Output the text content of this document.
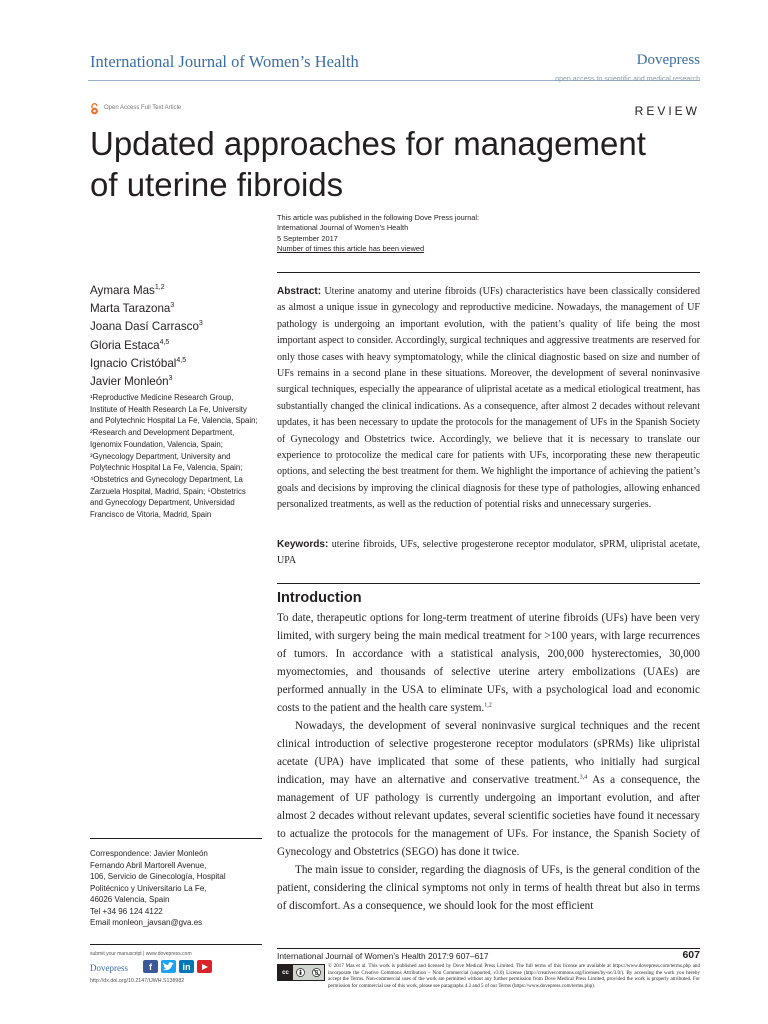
International Journal of Women’s Health	Dovepress
open access to scientific and medical research
Open Access Full Text Article	REVIEW
Updated approaches for management of uterine fibroids
This article was published in the following Dove Press journal:
International Journal of Women’s Health
5 September 2017
Number of times this article has been viewed
Aymara Mas$^{1,2}$
Marta Tarazona$^3$
Joana Dasí Carrasco$^3$
Gloria Estaca$^{4,5}$
Ignacio Cristóbal$^{4,5}$
Javier Monleón$^3$
¹Reproductive Medicine Research Group, Institute of Health Research La Fe, University and Polytechnic Hospital La Fe, Valencia, Spain; ²Research and Development Department, Igenomix Foundation, Valencia, Spain; ³Gynecology Department, University and Polytechnic Hospital La Fe, Valencia, Spain; ⁴Obstetrics and Gynecology Department, La Zarzuela Hospital, Madrid, Spain; ⁵Obstetrics and Gynecology Department, Universidad Francisco de Vitoria, Madrid, Spain
Abstract: Uterine anatomy and uterine fibroids (UFs) characteristics have been classically considered as almost a unique issue in gynecology and reproductive medicine. Nowadays, the management of UF pathology is undergoing an important evolution, with the patient’s quality of life being the most important aspect to consider. Accordingly, surgical techniques and aggressive treatments are reserved for only those cases with heavy symptomatology, while the clinical diagnostic based on size and number of UFs remains in a second plane in these situations. Moreover, the development of several noninvasive surgical techniques, especially the appearance of ulipristal acetate as a medical etiological treatment, has substantially changed the clinical indications. As a consequence, after almost 2 decades without relevant updates, it has been necessary to update the protocols for the management of UFs in the Spanish Society of Gynecology and Obstetrics twice. Accordingly, we believe that it is necessary to translate our experience to protocolize the medical care for patients with UFs, incorporating these new therapeutic options, and selecting the best treatment for them. We highlight the importance of achieving the patient’s goals and decisions by improving the clinical diagnosis for these type of pathologies, allowing enhanced personalized treatments, as well as the reduction of potential risks and unnecessary surgeries.
Keywords: uterine fibroids, UFs, selective progesterone receptor modulator, sPRM, ulipristal acetate, UPA
Introduction

To date, therapeutic options for long-term treatment of uterine fibroids (UFs) have been very limited, with surgery being the main medical treatment for >100 years, with large recurrences of tumors. In accordance with a statistical analysis, 200,000 hysterectomies, 30,000 myomectomies, and thousands of selective uterine artery embolizations (UAEs) are performed annually in the USA to eliminate UFs, with a psychological load and economic costs to the patient and the health care system.$^{1,2}$

Nowadays, the development of several noninvasive surgical techniques and the recent clinical introduction of selective progesterone receptor modulators (sPRMs) like ulipristal acetate (UPA) have implicated that some of these patients, who initially had surgical indication, may have an alternative and conservative treatment.$^{3,4}$ As a consequence, the management of UF pathology is currently undergoing an important evolution, and after almost 2 decades without relevant updates, several scientific societies have found it necessary to actualize the protocols for the management of UFs. For instance, the Spanish Society of Gynecology and Obstetrics (SEGO) has done it twice.

The main issue to consider, regarding the diagnosis of UFs, is the general condition of the patient, considering the clinical symptoms not only in terms of health threat but also in terms of discomfort. As a consequence, we should look for the most efficient

Correspondence: Javier Monleón
Fernando Abril Martorell Avenue,
106, Servicio de Ginecología, Hospital
Politécnico y Universitario La Fe,
46026 Valencia, Spain
Tel +34 96 124 4122
Email monleon_javsan@gva.es
submit your manuscript | www.dovepress.com
Dovepress	f	in
http://dx.doi.org/10.2147/IJWH.S138982
International Journal of Women’s Health 2017:9 607–617	607
cc
© 2017 Mas et al. This work is published and licensed by Dove Medical Press Limited. The full terms of this license are available at https://www.dovepress.com/terms.php and incorporate the Creative Commons Attribution – Non Commercial (unported, v3.0) License (http://creativecommons.org/licenses/by-nc/3.0/). By accessing the work you hereby accept the Terms. Non-commercial uses of the work are permitted without any further permission from Dove Medical Press Limited, provided the work is properly attributed. For permission for commercial use of this work, please see paragraphs 4.2 and 5 of our Terms (https://www.dovepress.com/terms.php).
